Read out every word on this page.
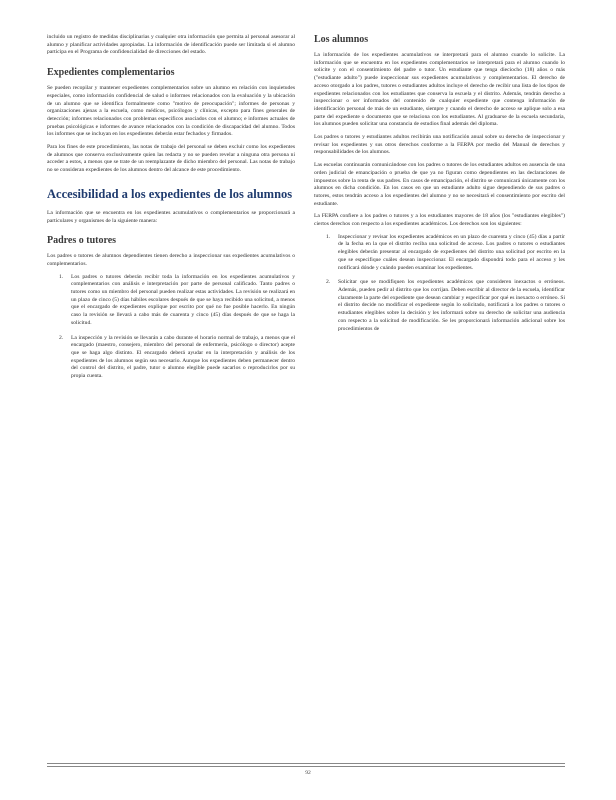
incluido un registro de medidas disciplinarias y cualquier otra información que permita al personal asesorar al alumno y planificar actividades apropiadas. La información de identificación puede ser limitada si el alumno participa en el Programa de confidencialidad de direcciones del estado.

Expedientes complementarios

Se pueden recopilar y mantener expedientes complementarios sobre un alumno en relación con inquietudes especiales, como información confidencial de salud o informes relacionados con la evaluación y la ubicación de un alumno que se identifica formalmente como "motivo de preocupación"; informes de personas y organizaciones ajenas a la escuela, como médicos, psicólogos y clínicas, excepto para fines generales de detección; informes relacionados con problemas específicos asociados con el alumno; e informes actuales de pruebas psicológicas e informes de avance relacionados con la condición de discapacidad del alumno. Todos los informes que se incluyan en los expedientes deberán estar fechados y firmados.

Para los fines de este procedimiento, las notas de trabajo del personal se deben excluir como los expedientes de alumnos que conserva exclusivamente quien las redacta y no se pueden revelar a ninguna otra persona ni acceder a estos, a menos que se trate de un reemplazante de dicho miembro del personal. Las notas de trabajo no se consideran expedientes de los alumnos dentro del alcance de este procedimiento.

Accesibilidad a los expedientes de los alumnos

La información que se encuentra en los expedientes acumulativos o complementarios se proporcionará a particulares y organismes de la siguiente manera:

Padres o tutores

Los padres o tutores de alumnos dependientes tienen derecho a inspeccionar sus expedientes acumulativos o complementarios.

1. Los padres o tutores deberán recibir toda la información en los expedientes acumulativos y complementarios con análisis e interpretación por parte de personal calificado. Tanto padres o tutores como un miembro del personal pueden realizar estas actividades. La revisión se realizará en un plazo de cinco (5) días hábiles escolares después de que se haya recibido una solicitud, a menos que el encargado de expedientes explique por escrito por qué no fue posible hacerlo. En ningún caso la revisión se llevará a cabo más de cuarenta y cinco (45) días después de que se haga la solicitud.
2. La inspección y la revisión se llevarán a cabo durante el horario normal de trabajo, a menos que el encargado (maestro, consejero, miembro del personal de enfermería, psicólogo o director) acepte que se haga algo distinto. El encargado deberá ayudar en la interpretación y análisis de los expedientes de los alumnos según sea necesario. Aunque los expedientes deben permanecer dentro del control del distrito, el padre, tutor o alumno elegible puede sacarlos o reproducirlos por su propia cuenta.
Los alumnos

La información de los expedientes acumulativos se interpretará para el alumno cuando lo solicite. La información que se encuentra en los expedientes complementarios se interpretará para el alumno cuando lo solicite y con el consentimiento del padre o tutor. Un estudiante que tenga dieciocho (18) años o más ("estudiante adulto") puede inspeccionar sus expedientes acumulativos y complementarios. El derecho de acceso otorgado a los padres, tutores o estudiantes adultos incluye el derecho de recibir una lista de los tipos de expedientes relacionados con los estudiantes que conserva la escuela y el distrito. Además, tendrán derecho a inspeccionar o ser informados del contenido de cualquier expediente que contenga información de identificación personal de más de un estudiante, siempre y cuando el derecho de acceso se aplique solo a esa parte del expediente o documento que se relaciona con los estudiantes. Al graduarse de la escuela secundaria, los alumnos pueden solicitar una constancia de estudios final además del diploma.

Los padres o tutores y estudiantes adultos recibirán una notificación anual sobre su derecho de inspeccionar y revisar los expedientes y sus otros derechos conforme a la FERPA por medio del Manual de derechos y responsabilidades de los alumnos.

Las escuelas continuarán comunicándose con los padres o tutores de los estudiantes adultos en ausencia de una orden judicial de emancipación o prueba de que ya no figuran como dependientes en las declaraciones de impuestos sobre la renta de sus padres. En casos de emancipación, el distrito se comunicará únicamente con los alumnos en dicha condición. En los casos en que un estudiante adulto sigue dependiendo de sus padres o tutores, estos tendrán acceso a los expedientes del alumno y no se necesitará el consentimiento por escrito del estudiante.

La FERPA confiere a los padres o tutores y a los estudiantes mayores de 18 años (los "estudiantes elegibles") ciertos derechos con respecto a los expedientes académicos. Los derechos son los siguientes:

1. Inspeccionar y revisar los expedientes académicos en un plazo de cuarenta y cinco (45) días a partir de la fecha en la que el distrito reciba una solicitud de acceso. Los padres o tutores o estudiantes elegibles deberán presentar al encargado de expedientes del distrito una solicitud por escrito en la que se especifique cuáles desean inspeccionar. El encargado dispondrá todo para el acceso y les notificará dónde y cuándo pueden examinar los expedientes.
2. Solicitar que se modifiquen los expedientes académicos que consideren inexactos o erróneos. Además, pueden pedir al distrito que los corrijan. Deben escribir al director de la escuela, identificar claramente la parte del expediente que desean cambiar y especificar por qué es inexacto o erróneo. Si el distrito decide no modificar el expediente según lo solicitado, notificará a los padres o tutores o estudiantes elegibles sobre la decisión y les informará sobre su derecho de solicitar una audiencia con respecto a la solicitud de modificación. Se les proporcionará información adicional sobre los procedimientos de
92
